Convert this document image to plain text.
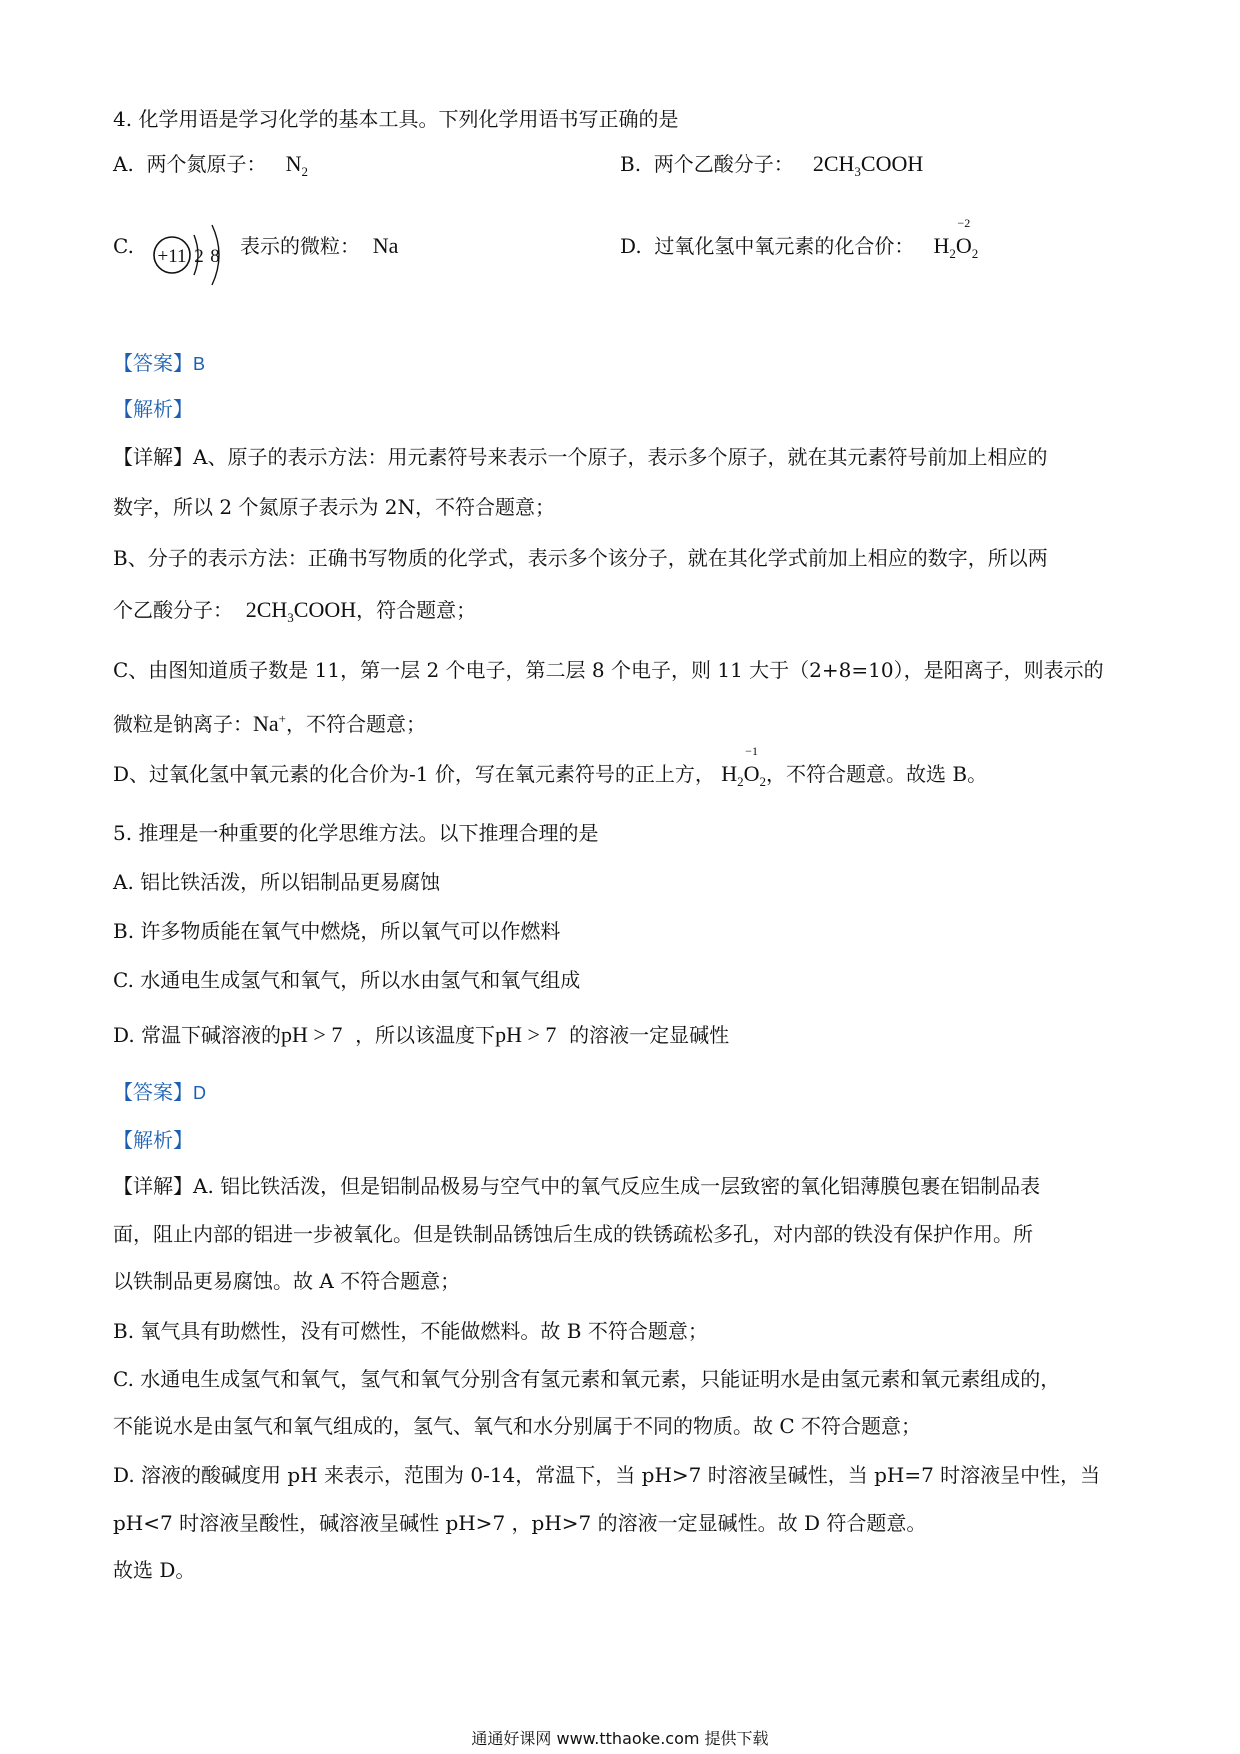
4. 化学用语是学习化学的基本工具。下列化学用语书写正确的是
A. 两个氮原子： $N_2$	B. 两个乙酸分子： $2CH_3COOH$
C. +11 2 8 表示的微粒： Na	D. 过氧化氢中氧元素的化合价： $H_2$
−2
$O_2$
【答案】B
【解析】
【详解】A、原子的表示方法：用元素符号来表示一个原子，表示多个原子，就在其元素符号前加上相应的
数字，所以 2 个氮原子表示为 2N，不符合题意；
B、分子的表示方法：正确书写物质的化学式，表示多个该分子，就在其化学式前加上相应的数字，所以两
个乙酸分子： $2CH_3COOH$，符合题意；
C、由图知道质子数是 11，第一层 2 个电子，第二层 8 个电子，则 11 大于（2+8=10），是阳离子，则表示的
微粒是钠离子：Na+，不符合题意；
D、过氧化氢中氧元素的化合价为-1 价，写在氧元素符号的正上方， $H_2$
−1
$O_2$，不符合题意。故选 B。
5. 推理是一种重要的化学思维方法。以下推理合理的是
A. 铝比铁活泼，所以铝制品更易腐蚀
B. 许多物质能在氧气中燃烧，所以氧气可以作燃料
C. 水通电生成氢气和氧气，所以水由氢气和氧气组成
D. 常温下碱溶液的pH > 7 ，所以该温度下pH > 7 的溶液一定显碱性
【答案】D
【解析】
【详解】A. 铝比铁活泼，但是铝制品极易与空气中的氧气反应生成一层致密的氧化铝薄膜包裹在铝制品表
面，阻止内部的铝进一步被氧化。但是铁制品锈蚀后生成的铁锈疏松多孔，对内部的铁没有保护作用。所
以铁制品更易腐蚀。故 A 不符合题意；
B. 氧气具有助燃性，没有可燃性，不能做燃料。故 B 不符合题意；
C. 水通电生成氢气和氧气，氢气和氧气分别含有氢元素和氧元素，只能证明水是由氢元素和氧元素组成的，
不能说水是由氢气和氧气组成的，氢气、氧气和水分别属于不同的物质。故 C 不符合题意；
D. 溶液的酸碱度用 pH 来表示，范围为 0-14，常温下，当 pH>7 时溶液呈碱性，当 pH=7 时溶液呈中性，当
pH<7 时溶液呈酸性，碱溶液呈碱性 pH>7 ，pH>7 的溶液一定显碱性。故 D 符合题意。
故选 D。
通通好课网 www.tthaoke.com 提供下载
